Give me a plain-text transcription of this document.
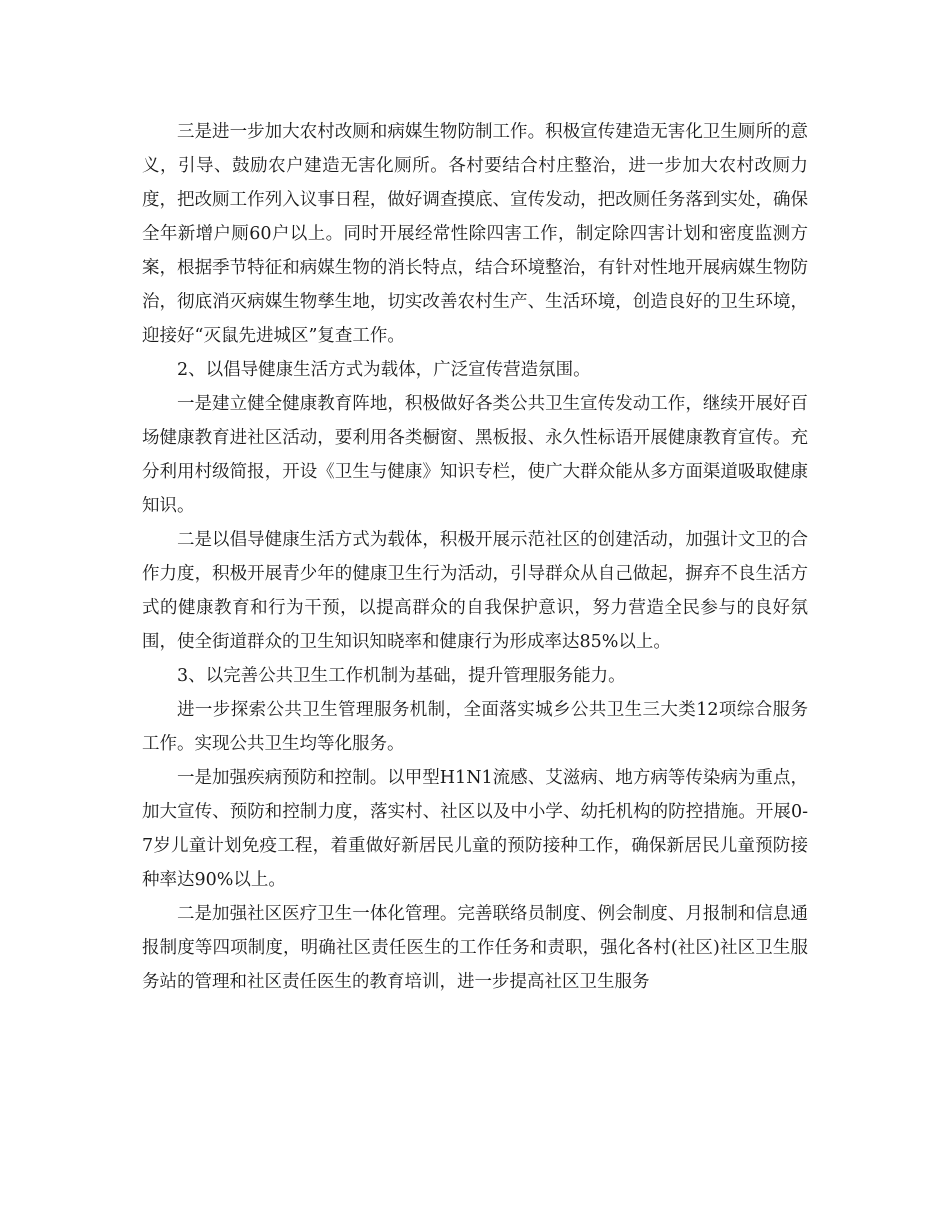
三是进一步加大农村改厕和病媒生物防制工作。积极宣传建造无害化卫生厕所的意义，引导、鼓励农户建造无害化厕所。各村要结合村庄整治，进一步加大农村改厕力度，把改厕工作列入议事日程，做好调查摸底、宣传发动，把改厕任务落到实处，确保全年新增户厕60户以上。同时开展经常性除四害工作，制定除四害计划和密度监测方案，根据季节特征和病媒生物的消长特点，结合环境整治，有针对性地开展病媒生物防治，彻底消灭病媒生物孳生地，切实改善农村生产、生活环境，创造良好的卫生环境，迎接好“灭鼠先进城区”复查工作。

2、以倡导健康生活方式为载体，广泛宣传营造氛围。

一是建立健全健康教育阵地，积极做好各类公共卫生宣传发动工作，继续开展好百场健康教育进社区活动，要利用各类橱窗、黑板报、永久性标语开展健康教育宣传。充分利用村级简报，开设《卫生与健康》知识专栏，使广大群众能从多方面渠道吸取健康知识。

二是以倡导健康生活方式为载体，积极开展示范社区的创建活动，加强计文卫的合作力度，积极开展青少年的健康卫生行为活动，引导群众从自己做起，摒弃不良生活方式的健康教育和行为干预，以提高群众的自我保护意识，努力营造全民参与的良好氛围，使全街道群众的卫生知识知晓率和健康行为形成率达85%以上。

3、以完善公共卫生工作机制为基础，提升管理服务能力。

进一步探索公共卫生管理服务机制，全面落实城乡公共卫生三大类12项综合服务工作。实现公共卫生均等化服务。

一是加强疾病预防和控制。以甲型H1N1流感、艾滋病、地方病等传染病为重点，加大宣传、预防和控制力度，落实村、社区以及中小学、幼托机构的防控措施。开展0-7岁儿童计划免疫工程，着重做好新居民儿童的预防接种工作，确保新居民儿童预防接种率达90%以上。

二是加强社区医疗卫生一体化管理。完善联络员制度、例会制度、月报制和信息通报制度等四项制度，明确社区责任医生的工作任务和责职，强化各村(社区)社区卫生服务站的管理和社区责任医生的教育培训，进一步提高社区卫生服务
